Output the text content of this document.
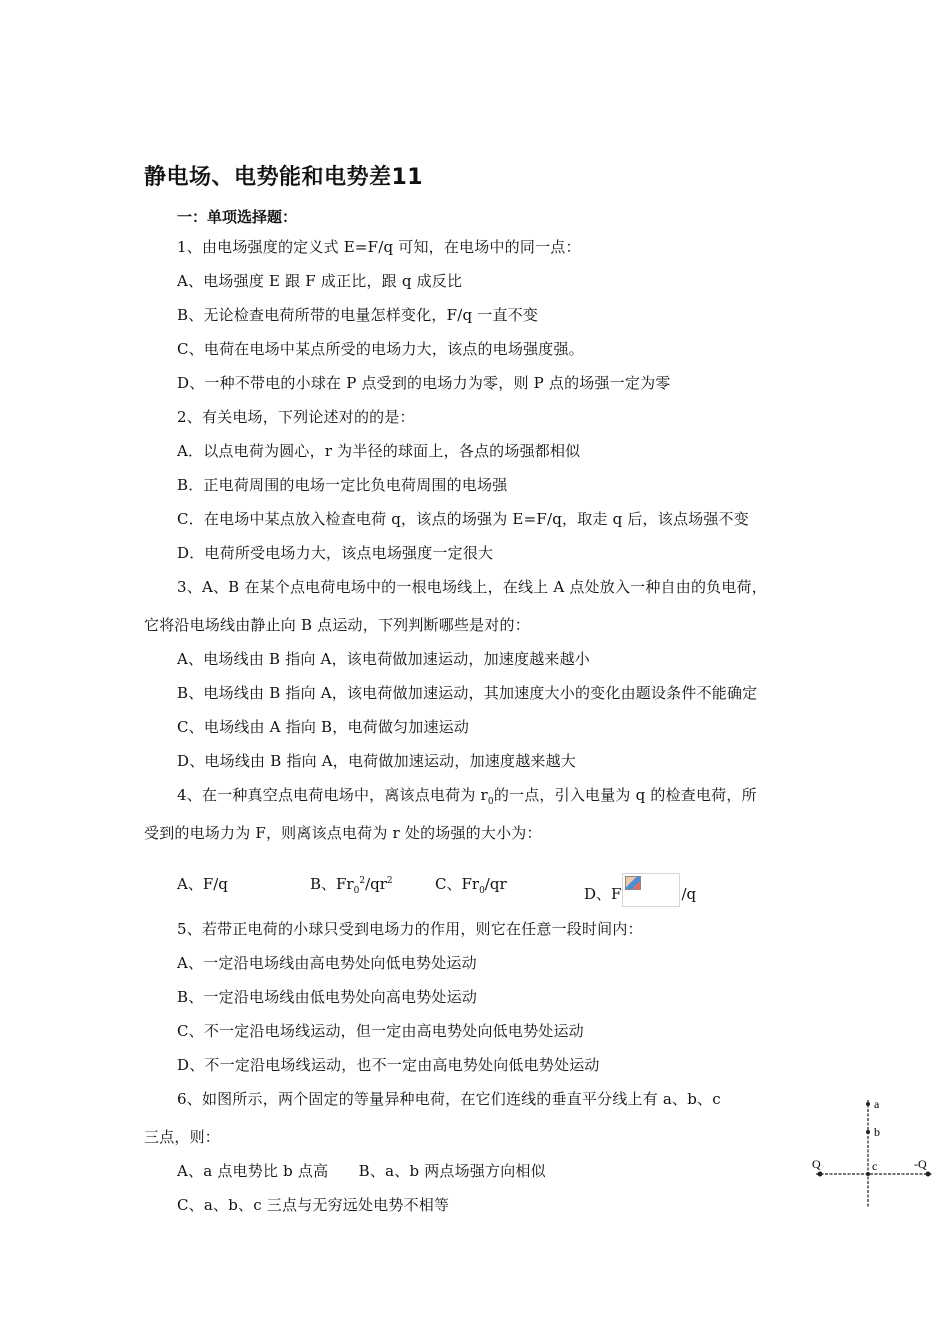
静电场、电势能和电势差11
一：单项选择题：
1、由电场强度的定义式 E=F/q 可知，在电场中的同一点：
A、电场强度 E 跟 F 成正比，跟 q 成反比
B、无论检查电荷所带的电量怎样变化，F/q 一直不变
C、电荷在电场中某点所受的电场力大，该点的电场强度强。
D、一种不带电的小球在 P 点受到的电场力为零，则 P 点的场强一定为零
2、有关电场，下列论述对的的是：
A．以点电荷为圆心，r 为半径的球面上，各点的场强都相似
B．正电荷周围的电场一定比负电荷周围的电场强
C．在电场中某点放入检查电荷 q，该点的场强为 E=F/q，取走 q 后，该点场强不变
D．电荷所受电场力大，该点电场强度一定很大
3、A、B 在某个点电荷电场中的一根电场线上，在线上 A 点处放入一种自由的负电荷，
它将沿电场线由静止向 B 点运动，下列判断哪些是对的：
A、电场线由 B 指向 A，该电荷做加速运动，加速度越来越小
B、电场线由 B 指向 A，该电荷做加速运动，其加速度大小的变化由题设条件不能确定
C、电场线由 A 指向 B，电荷做匀加速运动
D、电场线由 B 指向 A，电荷做加速运动，加速度越来越大
4、在一种真空点电荷电场中，离该点电荷为 $r_0$的一点，引入电量为 q 的检查电荷，所
受到的电场力为 F，则离该点电荷为 r 处的场强的大小为：
A、F/q	B、$Fr_0^2/qr^2$	C、$Fr_0/qr$
D、F	/q
5、若带正电荷的小球只受到电场力的作用，则它在任意一段时间内：
A、一定沿电场线由高电势处向低电势处运动
B、一定沿电场线由低电势处向高电势处运动
C、不一定沿电场线运动，但一定由高电势处向低电势处运动
D、不一定沿电场线运动，也不一定由高电势处向低电势处运动
6、如图所示，两个固定的等量异种电荷，在它们连线的垂直平分线上有 a、b、c
三点，则：
A、a 点电势比 b 点高　　B、a、b 两点场强方向相似
C、a、b、c 三点与无穷远处电势不相等
a
b
c
Q	-Q
